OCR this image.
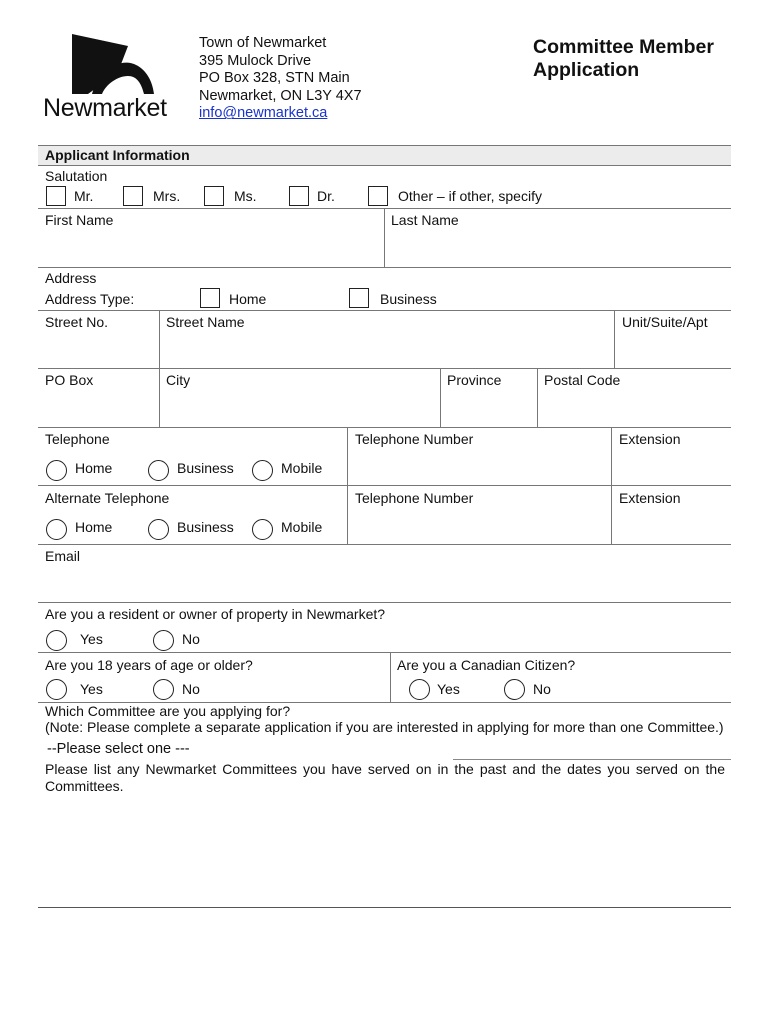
Newmarket
Town of Newmarket
395 Mulock Drive
PO Box 328, STN Main
Newmarket, ON L3Y 4X7
info@newmarket.ca
Committee Member
Application
Applicant Information
Salutation
Mr.	Mrs.	Ms.	Dr.	Other – if other, specify
First Name	Last Name
Address
Address Type:	Home	Business
Street No.	Street Name	Unit/Suite/Apt
PO Box	City	Province	Postal Code
Telephone	Telephone Number	Extension
Home	Business	Mobile
Alternate Telephone	Telephone Number	Extension
Home	Business	Mobile
Email
Are you a resident or owner of property in Newmarket?
Yes	No
Are you 18 years of age or older?	Are you a Canadian Citizen?
Yes	No	Yes	No
Which Committee are you applying for?
(Note: Please complete a separate application if you are interested in applying for more than one Committee.)
--Please select one ---
Please list any Newmarket Committees you have served on in the past and the dates you served on the
Committees.
